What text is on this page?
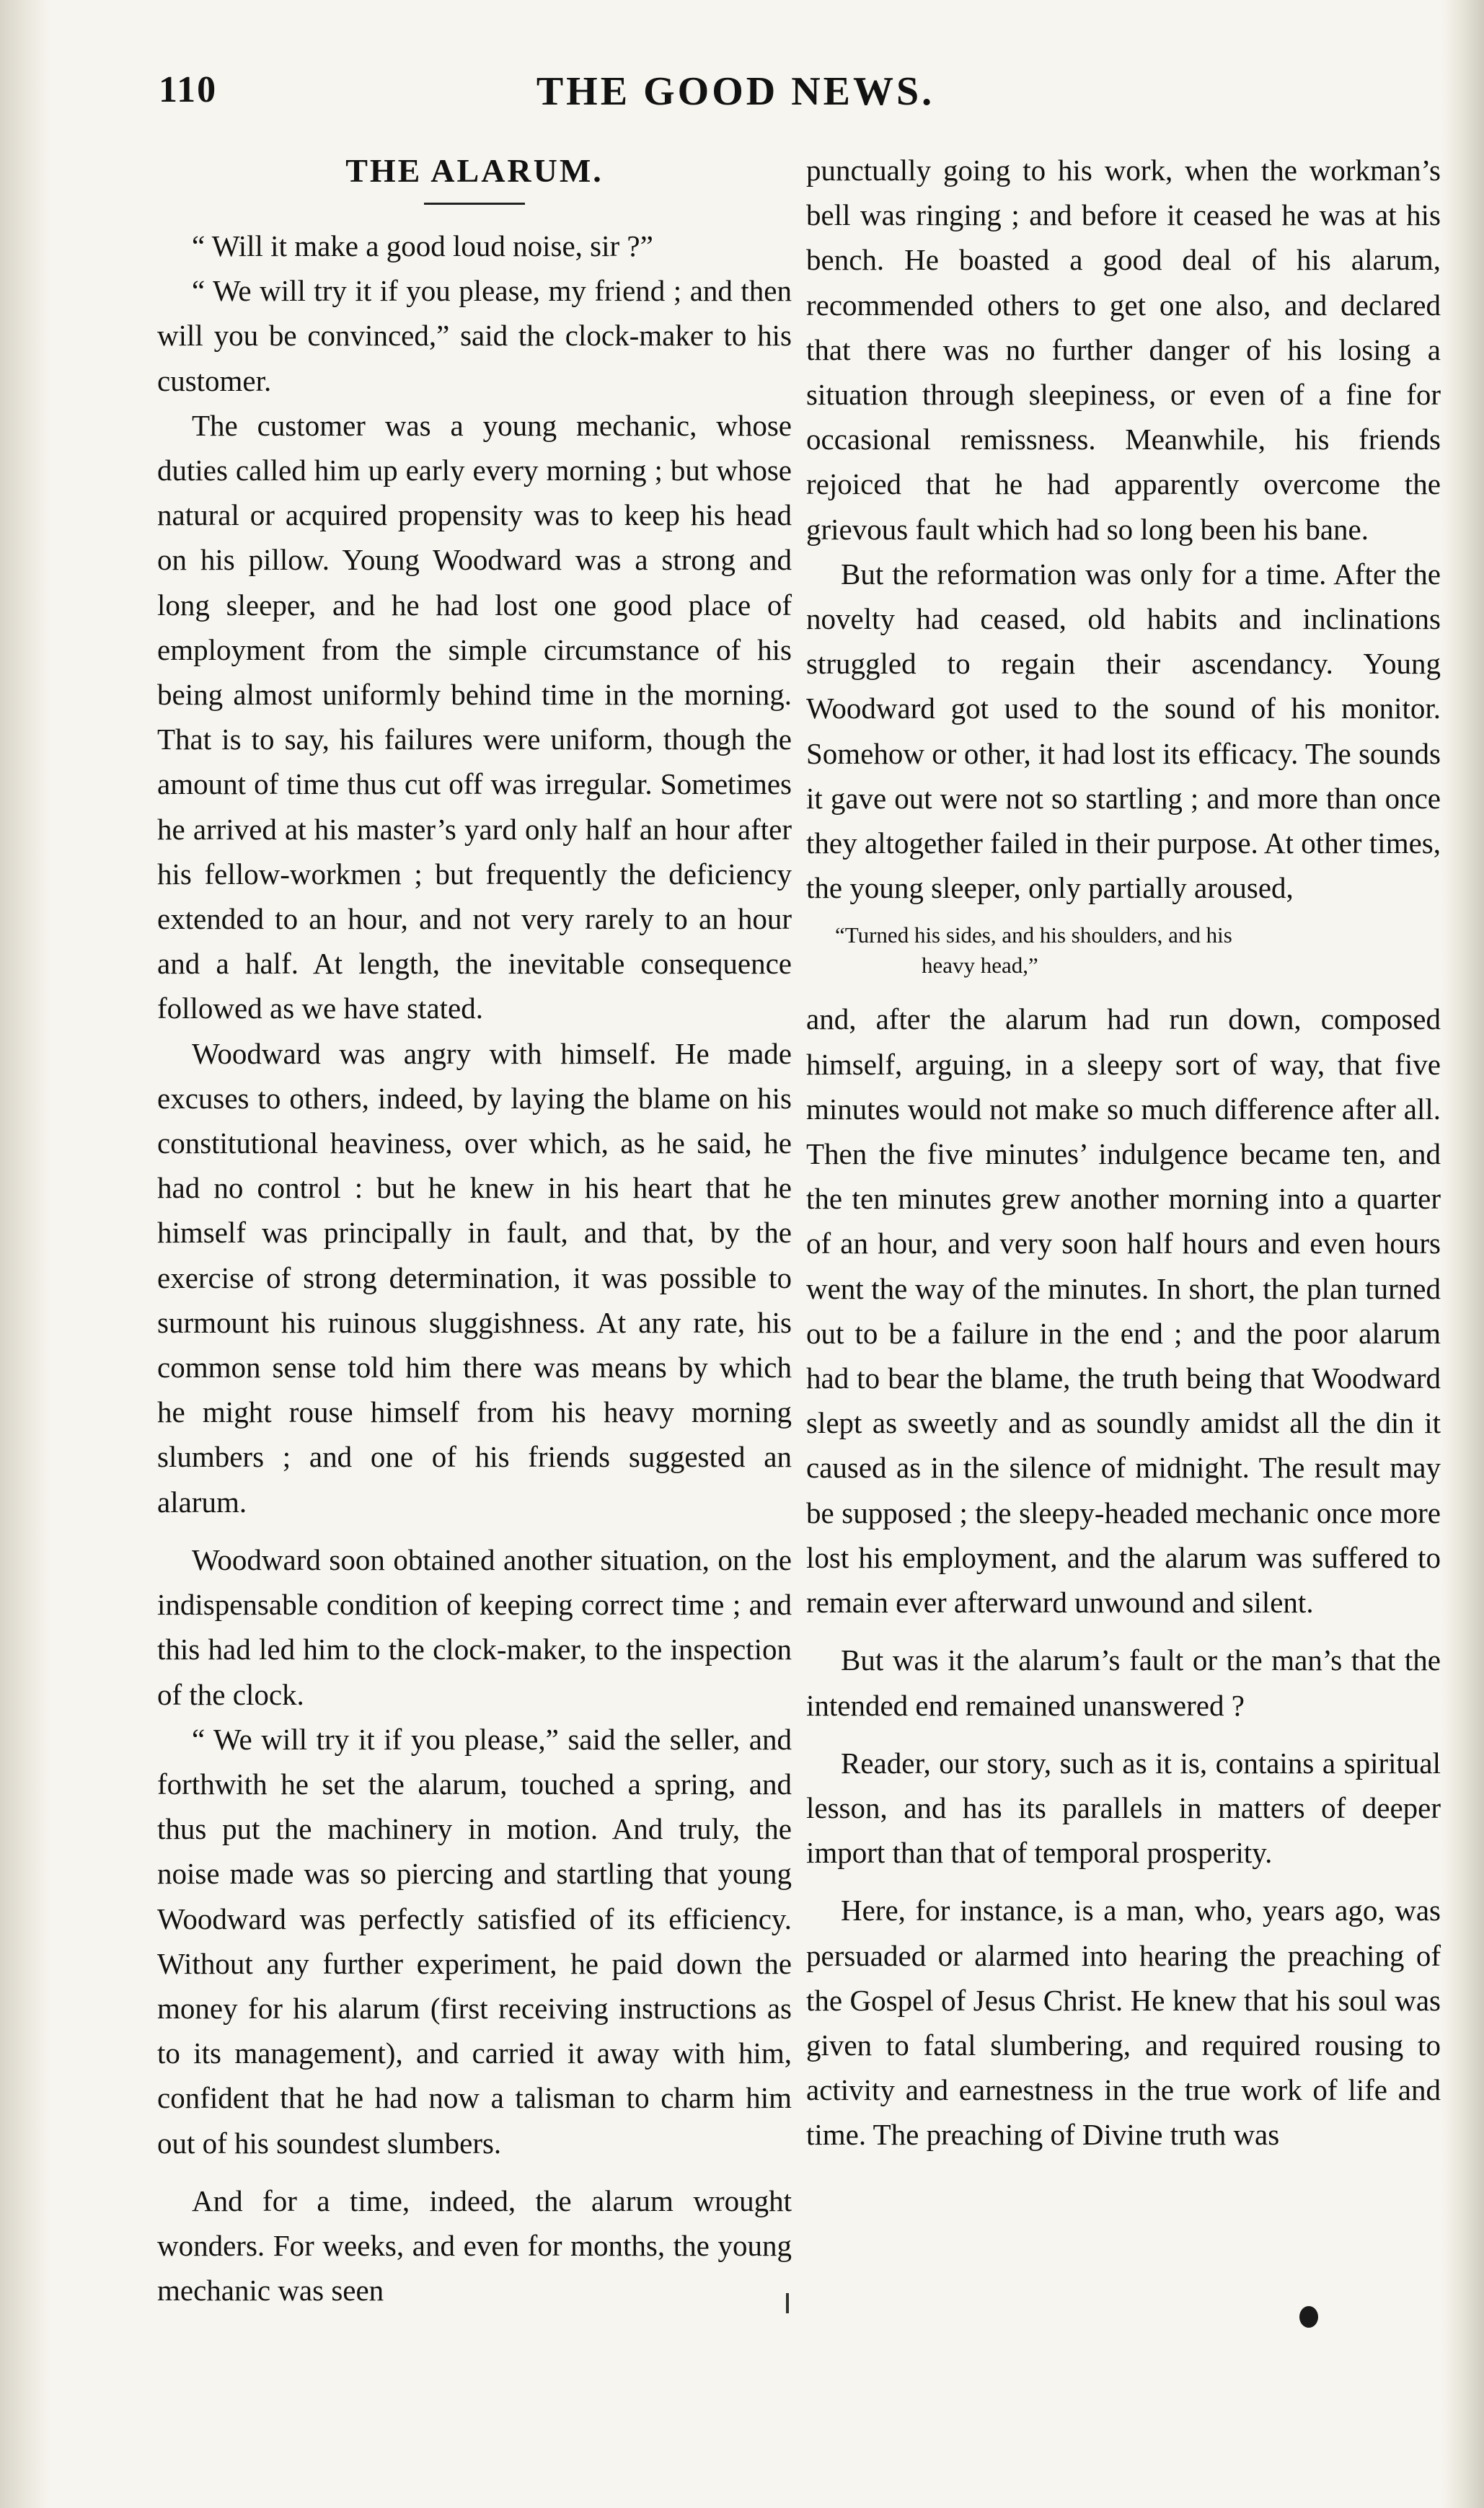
110	THE GOOD NEWS.
THE ALARUM.

“ Will it make a good loud noise, sir ?”

“ We will try it if you please, my friend ; and then will you be convinced,” said the clock-maker to his customer.

The customer was a young mechanic, whose duties called him up early every morning ; but whose natural or acquired propensity was to keep his head on his pillow. Young Woodward was a strong and long sleeper, and he had lost one good place of employment from the simple circumstance of his being almost uniformly behind time in the morning. That is to say, his failures were uniform, though the amount of time thus cut off was irregular. Sometimes he arrived at his master’s yard only half an hour after his fellow-workmen ; but frequently the deficiency extended to an hour, and not very rarely to an hour and a half. At length, the inevitable consequence followed as we have stated.

Woodward was angry with himself. He made excuses to others, indeed, by laying the blame on his constitutional heaviness, over which, as he said, he had no control : but he knew in his heart that he himself was principally in fault, and that, by the exercise of strong determination, it was possible to surmount his ruinous sluggishness. At any rate, his common sense told him there was means by which he might rouse himself from his heavy morning slumbers ; and one of his friends suggested an alarum.

Woodward soon obtained another situation, on the indispensable condition of keeping correct time ; and this had led him to the clock-maker, to the inspection of the clock.

“ We will try it if you please,” said the seller, and forthwith he set the alarum, touched a spring, and thus put the machinery in motion. And truly, the noise made was so piercing and startling that young Woodward was perfectly satisfied of its efficiency. Without any further experiment, he paid down the money for his alarum (first receiving instructions as to its management), and carried it away with him, confident that he had now a talisman to charm him out of his soundest slumbers.

And for a time, indeed, the alarum wrought wonders. For weeks, and even for months, the young mechanic was seen

punctually going to his work, when the workman’s bell was ringing ; and before it ceased he was at his bench. He boasted a good deal of his alarum, recommended others to get one also, and declared that there was no further danger of his losing a situation through sleepiness, or even of a fine for occasional remissness. Meanwhile, his friends rejoiced that he had apparently overcome the grievous fault which had so long been his bane.

But the reformation was only for a time. After the novelty had ceased, old habits and inclinations struggled to regain their ascendancy. Young Woodward got used to the sound of his monitor. Somehow or other, it had lost its efficacy. The sounds it gave out were not so startling ; and more than once they altogether failed in their purpose. At other times, the young sleeper, only partially aroused,

“Turned his sides, and his shoulders, and his
heavy head,”

and, after the alarum had run down, composed himself, arguing, in a sleepy sort of way, that five minutes would not make so much difference after all. Then the five minutes’ indulgence became ten, and the ten minutes grew another morning into a quarter of an hour, and very soon half hours and even hours went the way of the minutes. In short, the plan turned out to be a failure in the end ; and the poor alarum had to bear the blame, the truth being that Woodward slept as sweetly and as soundly amidst all the din it caused as in the silence of midnight. The result may be supposed ; the sleepy-headed mechanic once more lost his employment, and the alarum was suffered to remain ever afterward unwound and silent.

But was it the alarum’s fault or the man’s that the intended end remained unanswered ?

Reader, our story, such as it is, contains a spiritual lesson, and has its parallels in matters of deeper import than that of temporal prosperity.

Here, for instance, is a man, who, years ago, was persuaded or alarmed into hearing the preaching of the Gospel of Jesus Christ. He knew that his soul was given to fatal slumbering, and required rousing to activity and earnestness in the true work of life and time. The preaching of Divine truth was
